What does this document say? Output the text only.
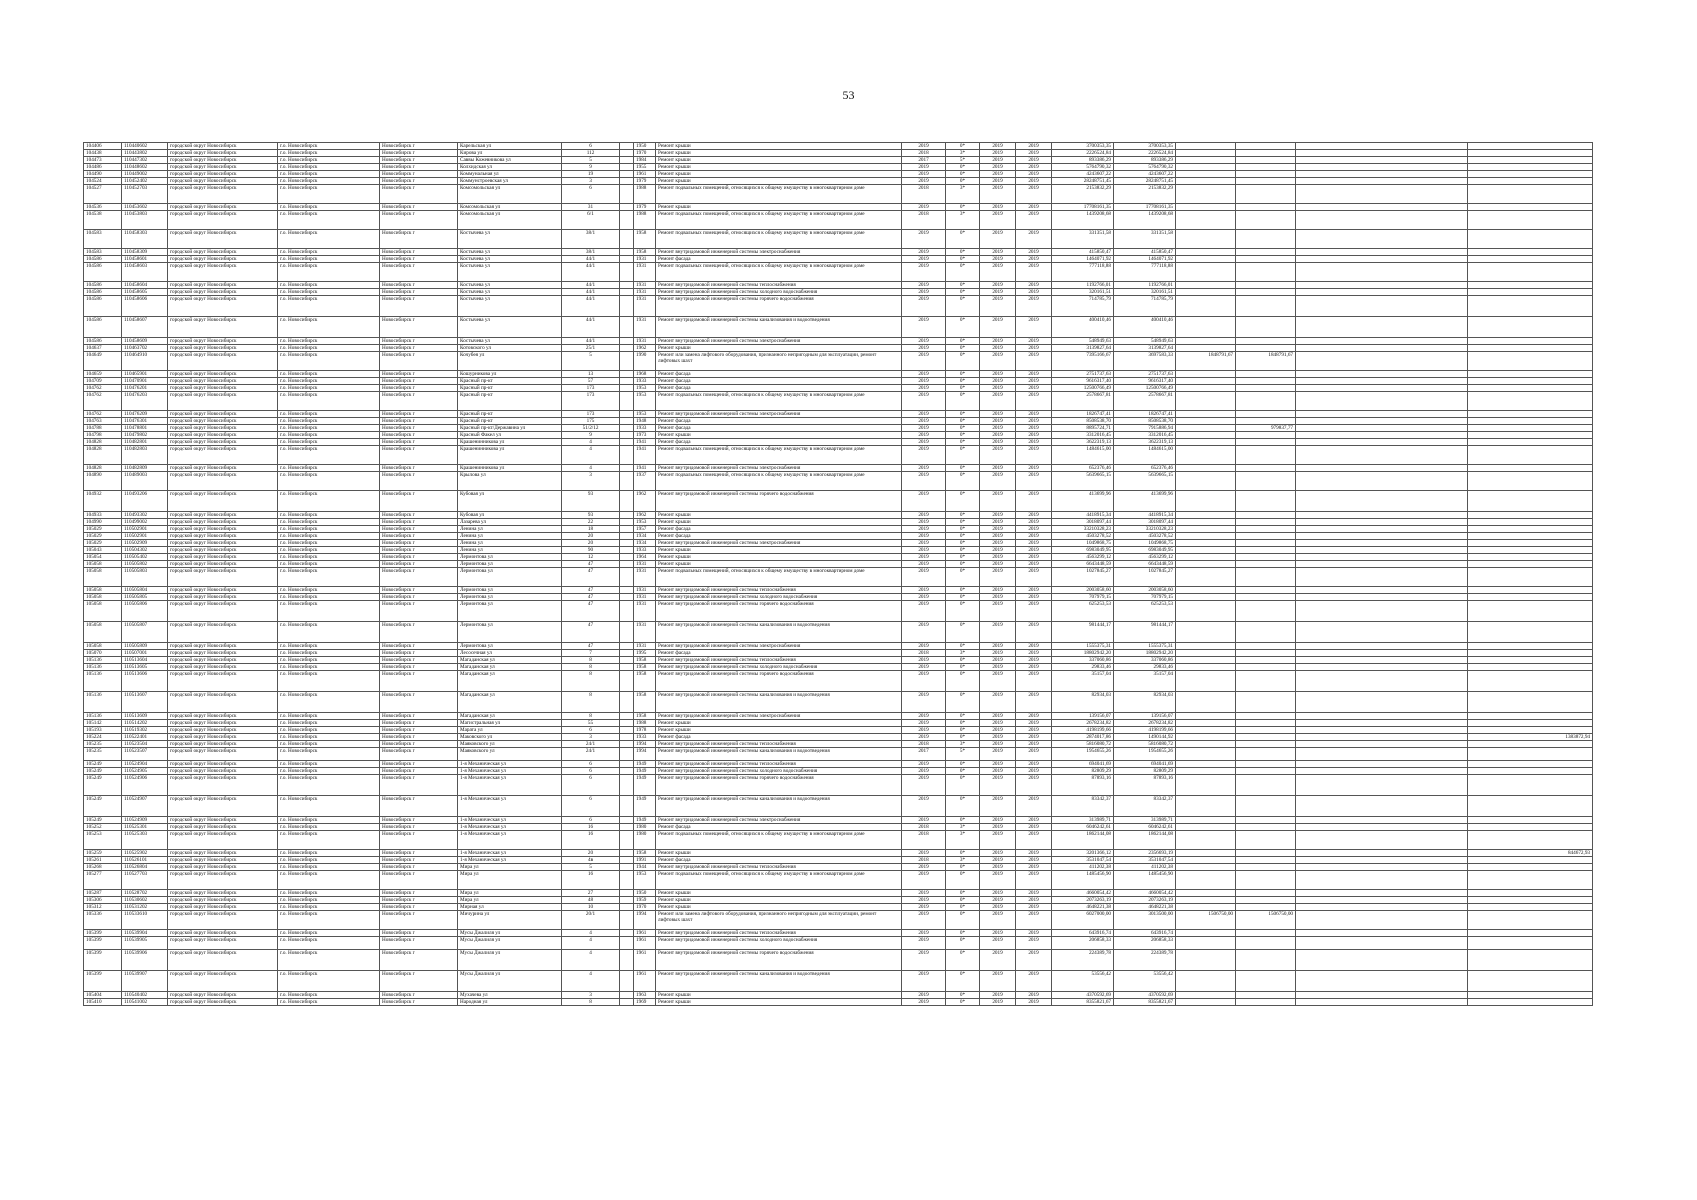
53
104406	110440602	городской округ Новосибирск	г.о. Новосибирск	Новосибирск г	Карельская ул	6		1950	Ремонт крыши	2019	0*	2019	2019	3700353,35	3700353,35				
104438	110443802	городской округ Новосибирск	г.о. Новосибирск	Новосибирск г	Кирова ул	112		1970	Ремонт крыши	2018	3*	2019	2019	2226524,84	2226524,84				
104473	110447302	городской округ Новосибирск	г.о. Новосибирск	Новосибирск г	Саввы Кожевникова ул	5		1984	Ремонт крыши	2017	5*	2019	2019	893386,29	893386,29				
104486	110448602	городской округ Новосибирск	г.о. Новосибирск	Новосибирск г	Колхидская ул	9		1955	Ремонт крыши	2019	0*	2019	2019	5764790,32	5764790,32				
104490	110449002	городской округ Новосибирск	г.о. Новосибирск	Новосибирск г	Коммунальная ул	19		1961	Ремонт крыши	2019	0*	2019	2019	4243607,22	4243607,22				
104524	110452402	городской округ Новосибирск	г.о. Новосибирск	Новосибирск г	Коммунстроевская ул	3		1979	Ремонт крыши	2019	0*	2019	2019	28248751,45	28248751,45				
104527	110452703	городской округ Новосибирск	г.о. Новосибирск	Новосибирск г	Комсомольская ул	6		1988	Ремонт подвальных помещений, относящихся к общему имуществу в многоквартирном доме	2018	3*	2019	2019	2153832,29	2153832,29				
104536	110453602	городской округ Новосибирск	г.о. Новосибирск	Новосибирск г	Комсомольская ул	31		1979	Ремонт крыши	2019	0*	2019	2019	17708161,35	17708161,35				
104538	110453803	городской округ Новосибирск	г.о. Новосибирск	Новосибирск г	Комсомольская ул	6/1		1988	Ремонт подвальных помещений, относящихся к общему имуществу в многоквартирном доме	2018	3*	2019	2019	1439208,68	1439208,68				
104583	110458303	городской округ Новосибирск	г.о. Новосибирск	Новосибирск г	Костычева ул	38/1		1958	Ремонт подвальных помещений, относящихся к общему имуществу в многоквартирном доме	2019	0*	2019	2019	331351,58	331351,58				
104583	110458309	городской округ Новосибирск	г.о. Новосибирск	Новосибирск г	Костычева ул	38/1		1958	Ремонт внутридомовой инженерной системы электроснабжения	2019	0*	2019	2019	415850,47	415850,47				
104586	110458601	городской округ Новосибирск	г.о. Новосибирск	Новосибирск г	Костычева ул	44/1		1931	Ремонт фасада	2019	0*	2019	2019	1464071,92	1464071,92				
104586	110458603	городской округ Новосибирск	г.о. Новосибирск	Новосибирск г	Костычева ул	44/1		1931	Ремонт подвальных помещений, относящихся к общему имуществу в многоквартирном доме	2019	0*	2019	2019	777118,88	777118,88				
104586	110458604	городской округ Новосибирск	г.о. Новосибирск	Новосибирск г	Костычева ул	44/1		1931	Ремонт внутридомовой инженерной системы теплоснабжения	2019	0*	2019	2019	1192766,01	1192766,01				
104586	110458605	городской округ Новосибирск	г.о. Новосибирск	Новосибирск г	Костычева ул	44/1		1931	Ремонт внутридомовой инженерной системы холодного водоснабжения	2019	0*	2019	2019	320161,51	320161,51				
104586	110458606	городской округ Новосибирск	г.о. Новосибирск	Новосибирск г	Костычева ул	44/1		1931	Ремонт внутридомовой инженерной системы горячего водоснабжения	2019	0*	2019	2019	714785,79	714785,79				
104586	110458607	городской округ Новосибирск	г.о. Новосибирск	Новосибирск г	Костычева ул	44/1		1931	Ремонт внутридомовой инженерной системы канализования и водоотведения	2019	0*	2019	2019	400410,46	400410,46				
104586	110458609	городской округ Новосибирск	г.о. Новосибирск	Новосибирск г	Костычева ул	44/1		1931	Ремонт внутридомовой инженерной системы электроснабжения	2019	0*	2019	2019	548949,63	548949,63				
104637	110463702	городской округ Новосибирск	г.о. Новосибирск	Новосибирск г	Котовского ул	25/1		1962	Ремонт крыши	2019	0*	2019	2019	3139827,64	3139827,64				
104649	110464910	городской округ Новосибирск	г.о. Новосибирск	Новосибирск г	Кочубея ул	5		1990	Ремонт или замена лифтового оборудования, признанного непригодным для эксплуатации, ремонт лифтовых шахт	2019	0*	2019	2019	7395166,67	3697583,33	1848791,67	1848791,67		
104659	110465901	городской округ Новосибирск	г.о. Новосибирск	Новосибирск г	Кошурникова ул	13		1968	Ремонт фасада	2019	0*	2019	2019	2751737,63	2751737,63				
104709	110470901	городской округ Новосибирск	г.о. Новосибирск	Новосибирск г	Красный пр-кт	57		1933	Ремонт фасада	2019	0*	2019	2019	9616317,40	9616317,40				
104762	110476201	городской округ Новосибирск	г.о. Новосибирск	Новосибирск г	Красный пр-кт	173		1953	Ремонт фасада	2019	0*	2019	2019	12500766,49	12500766,49				
104762	110476203	городской округ Новосибирск	г.о. Новосибирск	Новосибирск г	Красный пр-кт	173		1953	Ремонт подвальных помещений, относящихся к общему имуществу в многоквартирном доме	2019	0*	2019	2019	2578667,81	2578667,81				
104762	110476209	городской округ Новосибирск	г.о. Новосибирск	Новосибирск г	Красный пр-кт	173		1953	Ремонт внутридомовой инженерной системы электроснабжения	2019	0*	2019	2019	1826747,41	1826747,41				
104763	110476301	городской округ Новосибирск	г.о. Новосибирск	Новосибирск г	Красный пр-кт	175		1948	Ремонт фасада	2019	0*	2019	2019	8508538,70	8508538,70				
104788	110478801	городской округ Новосибирск	г.о. Новосибирск	Новосибирск г	Красный пр-кт/Державина ул	51/2/12		1933	Ремонт фасада	2019	0*	2019	2019	8895724,71	7915886,94		979837,77		
104798	110479802	городской округ Новосибирск	г.о. Новосибирск	Новосибирск г	Красный Факел ул	9		1973	Ремонт крыши	2019	0*	2019	2019	3312016,45	3312016,45				
104828	110482801	городской округ Новосибирск	г.о. Новосибирск	Новосибирск г	Крашенинникова ул	4		1941	Ремонт фасада	2019	0*	2019	2019	3622319,13	3622319,13				
104828	110482803	городской округ Новосибирск	г.о. Новосибирск	Новосибирск г	Крашенинникова ул	4		1941	Ремонт подвальных помещений, относящихся к общему имуществу в многоквартирном доме	2019	0*	2019	2019	1484615,00	1484615,00				
104828	110482809	городской округ Новосибирск	г.о. Новосибирск	Новосибирск г	Крашенинникова ул	4		1941	Ремонт внутридомовой инженерной системы электроснабжения	2019	0*	2019	2019	652376,46	652376,46				
104890	110489003	городской округ Новосибирск	г.о. Новосибирск	Новосибирск г	Крылова ул	3		1937	Ремонт подвальных помещений, относящихся к общему имуществу в многоквартирном доме	2019	0*	2019	2019	5639665,15	5639665,15				
104932	110493206	городской округ Новосибирск	г.о. Новосибирск	Новосибирск г	Кубовая ул	93		1962	Ремонт внутридомовой инженерной системы горячего водоснабжения	2019	0*	2019	2019	413699,96	413699,96				
104933	110493302	городской округ Новосибирск	г.о. Новосибирск	Новосибирск г	Кубовая ул	93		1962	Ремонт крыши	2019	0*	2019	2019	4418915,34	4418915,34				
104990	110499002	городской округ Новосибирск	г.о. Новосибирск	Новосибирск г	Лазарева ул	22		1953	Ремонт крыши	2019	0*	2019	2019	3018097,44	3018097,44				
105029	110502901	городской округ Новосибирск	г.о. Новосибирск	Новосибирск г	Ленина ул	18		1957	Ремонт фасада	2019	0*	2019	2019	33210328,23	33210328,23				
105029	110502901	городской округ Новосибирск	г.о. Новосибирск	Новосибирск г	Ленина ул	20		1934	Ремонт фасада	2019	0*	2019	2019	4503278,52	4503278,52				
105029	110502909	городской округ Новосибирск	г.о. Новосибирск	Новосибирск г	Ленина ул	20		1934	Ремонт внутридомовой инженерной системы электроснабжения	2019	0*	2019	2019	1049868,75	1049868,75				
105043	110504302	городской округ Новосибирск	г.о. Новосибирск	Новосибирск г	Ленина ул	90		1933	Ремонт крыши	2019	0*	2019	2019	6983049,95	6983049,95				
105054	110505402	городской округ Новосибирск	г.о. Новосибирск	Новосибирск г	Лермонтова ул	12		1964	Ремонт крыши	2019	0*	2019	2019	4563299,12	4563299,12				
105058	110505802	городской округ Новосибирск	г.о. Новосибирск	Новосибирск г	Лермонтова ул	47		1931	Ремонт крыши	2019	0*	2019	2019	6643448,59	6643448,59				
105058	110505803	городской округ Новосибирск	г.о. Новосибирск	Новосибирск г	Лермонтова ул	47		1931	Ремонт подвальных помещений, относящихся к общему имуществу в многоквартирном доме	2019	0*	2019	2019	1027845,27	1027845,27				
105058	110505804	городской округ Новосибирск	г.о. Новосибирск	Новосибирск г	Лермонтова ул	47		1931	Ремонт внутридомовой инженерной системы теплоснабжения	2019	0*	2019	2019	2003058,60	2003058,60				
105058	110505805	городской округ Новосибирск	г.о. Новосибирск	Новосибирск г	Лермонтова ул	47		1931	Ремонт внутридомовой инженерной системы холодного водоснабжения	2019	0*	2019	2019	707979,15	707979,15				
105058	110505806	городской округ Новосибирск	г.о. Новосибирск	Новосибирск г	Лермонтова ул	47		1931	Ремонт внутридомовой инженерной системы горячего водоснабжения	2019	0*	2019	2019	625253,53	625253,53				
105058	110505807	городской округ Новосибирск	г.о. Новосибирск	Новосибирск г	Лермонтова ул	47		1931	Ремонт внутридомовой инженерной системы канализования и водоотведения	2019	0*	2019	2019	981444,17	981444,17				
105058	110505809	городской округ Новосибирск	г.о. Новосибирск	Новосибирск г	Лермонтова ул	47		1931	Ремонт внутридомовой инженерной системы электроснабжения	2019	0*	2019	2019	1555375,31	1555375,31				
105070	110507001	городской округ Новосибирск	г.о. Новосибирск	Новосибирск г	Лесосечная ул	7		1995	Ремонт фасада	2018	3*	2019	2019	18802942,20	18802942,20				
105136	110513604	городской округ Новосибирск	г.о. Новосибирск	Новосибирск г	Магаданская ул	8		1958	Ремонт внутридомовой инженерной системы теплоснабжения	2019	0*	2019	2019	337060,86	337060,86				
105136	110513605	городской округ Новосибирск	г.о. Новосибирск	Новосибирск г	Магаданская ул	8		1958	Ремонт внутридомовой инженерной системы холодного водоснабжения	2019	0*	2019	2019	29833,46	29833,46				
105136	110513606	городской округ Новосибирск	г.о. Новосибирск	Новосибирск г	Магаданская ул	8		1958	Ремонт внутридомовой инженерной системы горячего водоснабжения	2019	0*	2019	2019	35157,04	35157,04				
105136	110513607	городской округ Новосибирск	г.о. Новосибирск	Новосибирск г	Магаданская ул	8		1958	Ремонт внутридомовой инженерной системы канализования и водоотведения	2019	0*	2019	2019	82934,03	82934,03				
105136	110513609	городской округ Новосибирск	г.о. Новосибирск	Новосибирск г	Магаданская ул	8		1958	Ремонт внутридомовой инженерной системы электроснабжения	2019	0*	2019	2019	139156,07	139156,07				
105142	110514202	городской округ Новосибирск	г.о. Новосибирск	Новосибирск г	Магистральная ул	55		1988	Ремонт крыши	2019	0*	2019	2019	2678234,82	2678234,82				
105193	110519302	городской округ Новосибирск	г.о. Новосибирск	Новосибирск г	Марата ул	6		1978	Ремонт крыши	2019	0*	2019	2019	4198199,66	4198199,66				
105224	110522401	городской округ Новосибирск	г.о. Новосибирск	Новосибирск г	Маковского ул	3		1933	Ремонт фасада	2019	0*	2019	2019	2874017,86	1490144,92				1383872,94
105235	110523504	городской округ Новосибирск	г.о. Новосибирск	Новосибирск г	Маяковского ул	24/1		1994	Ремонт внутридомовой инженерной системы теплоснабжения	2018	3*	2019	2019	5816080,72	5816080,72				
105235	110523507	городской округ Новосибирск	г.о. Новосибирск	Новосибирск г	Маяковского ул	24/1		1994	Ремонт внутридомовой инженерной системы канализования и водоотведения	2017	5*	2019	2019	1954655,26	1954655,26				
105249	110524904	городской округ Новосибирск	г.о. Новосибирск	Новосибирск г	1-я Механическая ул	6		1949	Ремонт внутридомовой инженерной системы теплоснабжения	2019	0*	2019	2019	694041,69	694041,69				
105249	110524905	городской округ Новосибирск	г.о. Новосибирск	Новосибирск г	1-я Механическая ул	6		1949	Ремонт внутридомовой инженерной системы холодного водоснабжения	2019	0*	2019	2019	82809,29	82809,29				
105249	110524906	городской округ Новосибирск	г.о. Новосибирск	Новосибирск г	1-я Механическая ул	6		1949	Ремонт внутридомовой инженерной системы горячего водоснабжения	2019	0*	2019	2019	87893,16	87893,16				
105249	110524907	городской округ Новосибирск	г.о. Новосибирск	Новосибирск г	1-я Механическая ул	6		1949	Ремонт внутридомовой инженерной системы канализования и водоотведения	2019	0*	2019	2019	83342,37	83342,37				
105249	110524909	городской округ Новосибирск	г.о. Новосибирск	Новосибирск г	1-я Механическая ул	6		1949	Ремонт внутридомовой инженерной системы электроснабжения	2019	0*	2019	2019	313989,71	313989,71				
105252	110525301	городской округ Новосибирск	г.о. Новосибирск	Новосибирск г	1-я Механическая ул	16		1980	Ремонт фасада	2018	3*	2019	2019	6046242,61	6046242,61				
105253	110525303	городской округ Новосибирск	г.о. Новосибирск	Новосибирск г	1-я Механическая ул	16		1980	Ремонт подвальных помещений, относящихся к общему имуществу в многоквартирном доме	2018	3*	2019	2019	1862144,08	1862144,08				
105259	110525902	городской округ Новосибирск	г.о. Новосибирск	Новосибирск г	1-я Механическая ул	20		1958	Ремонт крыши	2019	0*	2019	2019	3201366,12	2356693,19				844672,93
105261	110526101	городской округ Новосибирск	г.о. Новосибирск	Новосибирск г	1-я Механическая ул	4в		1991	Ремонт фасада	2018	3*	2019	2019	3531047,54	3531047,54				
105268	110526804	городской округ Новосибирск	г.о. Новосибирск	Новосибирск г	Мира ул	5		1944	Ремонт внутридомовой инженерной системы теплоснабжения	2019	0*	2019	2019	411202,38	411202,38				
105277	110527703	городской округ Новосибирск	г.о. Новосибирск	Новосибирск г	Мира ул	16		1953	Ремонт подвальных помещений, относящихся к общему имуществу в многоквартирном доме	2019	0*	2019	2019	1485456,90	1485456,90				
105287	110528702	городской округ Новосибирск	г.о. Новосибирск	Новосибирск г	Мира ул	27		1950	Ремонт крыши	2019	0*	2019	2019	4660054,42	4660054,42				
105306	110530602	городской округ Новосибирск	г.о. Новосибирск	Новосибирск г	Мира ул	48		1959	Ремонт крыши	2019	0*	2019	2019	2073263,19	2073263,19				
105312	110531202	городской округ Новосибирск	г.о. Новосибирск	Новосибирск г	Мирная ул	10		1970	Ремонт крыши	2019	0*	2019	2019	4648221,38	4648221,38				
105336	110533610	городской округ Новосибирск	г.о. Новосибирск	Новосибирск г	Мичурина ул	20/1		1994	Ремонт или замена лифтового оборудования, признанного непригодным для эксплуатации, ремонт лифтовых шахт	2019	0*	2019	2019	6027000,00	3013500,00	1506750,00	1506750,00		
105399	110539904	городской округ Новосибирск	г.о. Новосибирск	Новосибирск г	Мусы Джалиля ул	4		1961	Ремонт внутридомовой инженерной системы теплоснабжения	2019	0*	2019	2019	643916,74	643916,74				
105399	110539905	городской округ Новосибирск	г.о. Новосибирск	Новосибирск г	Мусы Джалиля ул	4		1961	Ремонт внутридомовой инженерной системы холодного водоснабжения	2019	0*	2019	2019	206858,33	206858,33				
105399	110539906	городской округ Новосибирск	г.о. Новосибирск	Новосибирск г	Мусы Джалиля ул	4		1961	Ремонт внутридомовой инженерной системы горячего водоснабжения	2019	0*	2019	2019	224389,78	224389,78				
105399	110539907	городской округ Новосибирск	г.о. Новосибирск	Новосибирск г	Мусы Джалиля ул	4		1961	Ремонт внутридомовой инженерной системы канализования и водоотведения	2019	0*	2019	2019	53556,42	53556,42				
105404	110540402	городской округ Новосибирск	г.о. Новосибирск	Новосибирск г	Мухачева ул	3		1963	Ремонт крыши	2019	0*	2019	2019	4370592,69	4370592,69				
105410	110541002	городской округ Новосибирск	г.о. Новосибирск	Новосибирск г	Народная ул	8		1969	Ремонт крыши	2019	0*	2019	2019	8355821,67	8355821,67				
